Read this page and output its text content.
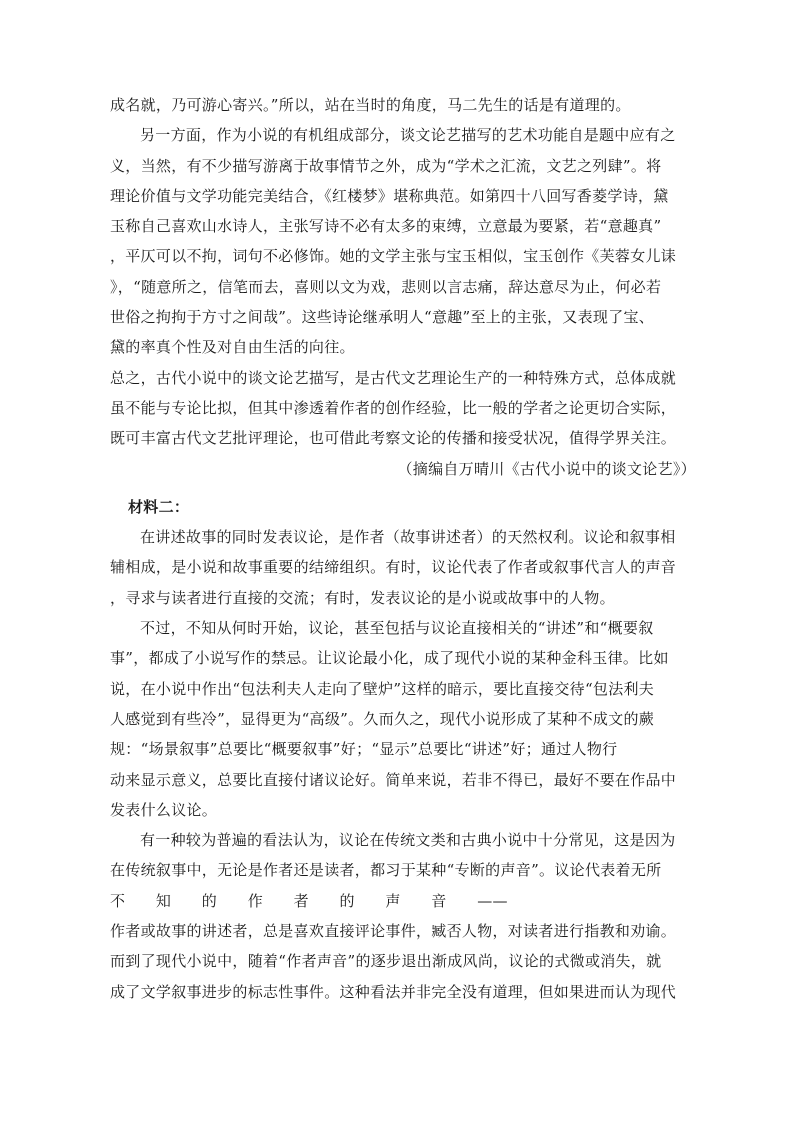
成名就，乃可游心寄兴。”所以，站在当时的角度，马二先生的话是有道理的。
另一方面，作为小说的有机组成部分，谈文论艺描写的艺术功能自是题中应有之
义，当然，有不少描写游离于故事情节之外，成为“学术之汇流，文艺之列肆”。将
理论价值与文学功能完美结合，《红楼梦》堪称典范。如第四十八回写香菱学诗，黛
玉称自己喜欢山水诗人，主张写诗不必有太多的束缚，立意最为要紧，若“意趣真”
，平仄可以不拘，词句不必修饰。她的文学主张与宝玉相似，宝玉创作《芙蓉女儿诔
》，“随意所之，信笔而去，喜则以文为戏，悲则以言志痛，辞达意尽为止，何必若
世俗之拘拘于方寸之间哉”。这些诗论继承明人“意趣”至上的主张，又表现了宝、
黛的率真个性及对自由生活的向往。
总之，古代小说中的谈文论艺描写，是古代文艺理论生产的一种特殊方式，总体成就
虽不能与专论比拟，但其中渗透着作者的创作经验，比一般的学者之论更切合实际，
既可丰富古代文艺批评理论，也可借此考察文论的传播和接受状况，值得学界关注。
（摘编自万晴川《古代小说中的谈文论艺》）
材料二：
在讲述故事的同时发表议论，是作者（故事讲述者）的天然权利。议论和叙事相
辅相成，是小说和故事重要的结缔组织。有时，议论代表了作者或叙事代言人的声音
，寻求与读者进行直接的交流；有时，发表议论的是小说或故事中的人物。
不过，不知从何时开始，议论，甚至包括与议论直接相关的“讲述”和“概要叙
事”，都成了小说写作的禁忌。让议论最小化，成了现代小说的某种金科玉律。比如
说，在小说中作出“包法利夫人走向了壁炉”这样的暗示，要比直接交待“包法利夫
人感觉到有些冷”，显得更为“高级”。久而久之，现代小说形成了某种不成文的蕨
规：“场景叙事”总要比“概要叙事”好；“显示”总要比“讲述”好；通过人物行
动来显示意义，总要比直接付诸议论好。简单来说，若非不得已，最好不要在作品中
发表什么议论。
有一种较为普遍的看法认为，议论在传统文类和古典小说中十分常见，这是因为
在传统叙事中，无论是作者还是读者，都习于某种“专断的声音”。议论代表着无所
不　　知　　的　　作　　者　　的　　声　　音　　——
作者或故事的讲述者，总是喜欢直接评论事件，臧否人物，对读者进行指教和劝谕。
而到了现代小说中，随着“作者声音”的逐步退出渐成风尚，议论的式微或消失，就
成了文学叙事进步的标志性事件。这种看法并非完全没有道理，但如果进而认为现代
